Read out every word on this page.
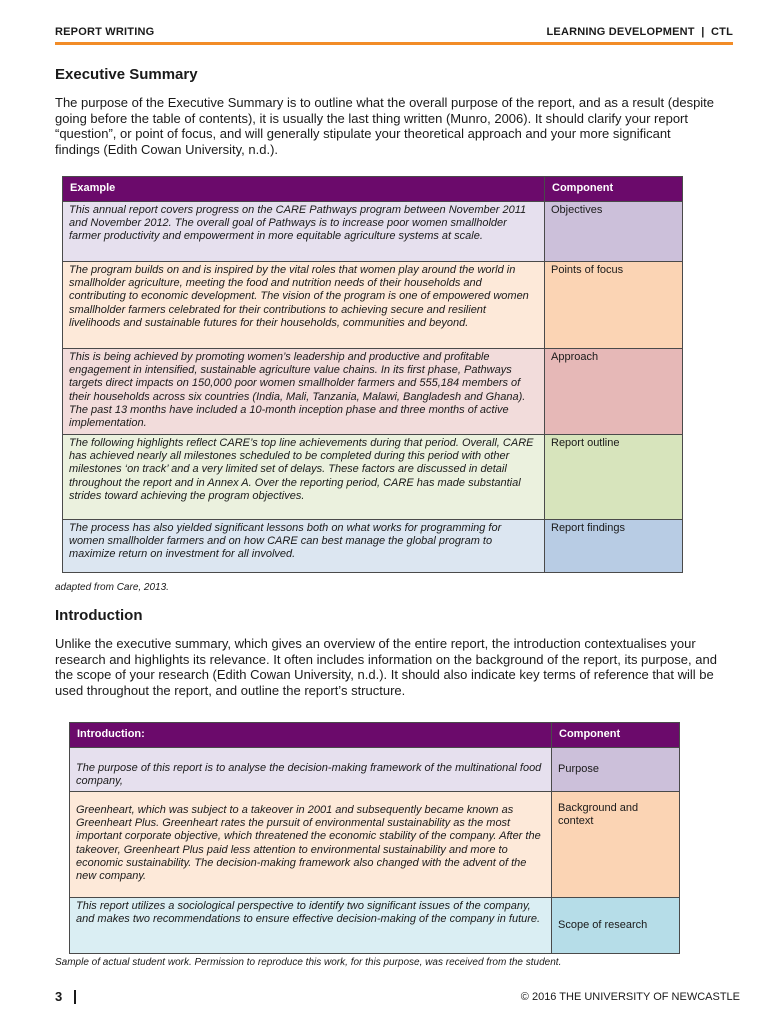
REPORT WRITING	LEARNING DEVELOPMENT  |  CTL
Executive Summary

The purpose of the Executive Summary is to outline what the overall purpose of the report, and as a result (despite going before the table of contents), it is usually the last thing written (Munro, 2006). It should clarify your report “question”, or point of focus, and will generally stipulate your theoretical approach and your more significant findings (Edith Cowan University, n.d.).

Example	Component
This annual report covers progress on the CARE Pathways program between November 2011 and November 2012. The overall goal of Pathways is to increase poor women smallholder farmer productivity and empowerment in more equitable agriculture systems at scale.	Objectives
The program builds on and is inspired by the vital roles that women play around the world in smallholder agriculture, meeting the food and nutrition needs of their households and contributing to economic development. The vision of the program is one of empowered women smallholder farmers celebrated for their contributions to achieving secure and resilient livelihoods and sustainable futures for their households, communities and beyond.	Points of focus
This is being achieved by promoting women’s leadership and productive and profitable engagement in intensified, sustainable agriculture value chains. In its first phase, Pathways targets direct impacts on 150,000 poor women smallholder farmers and 555,184 members of their households across six countries (India, Mali, Tanzania, Malawi, Bangladesh and Ghana). The past 13 months have included a 10-month inception phase and three months of active implementation.	Approach
The following highlights reflect CARE’s top line achievements during that period. Overall, CARE has achieved nearly all milestones scheduled to be completed during this period with other milestones ‘on track’ and a very limited set of delays. These factors are discussed in detail throughout the report and in Annex A. Over the reporting period, CARE has made substantial strides toward achieving the program objectives.	Report outline
The process has also yielded significant lessons both on what works for programming for women smallholder farmers and on how CARE can best manage the global program to maximize return on investment for all involved.	Report findings
adapted from Care, 2013.
Introduction

Unlike the executive summary, which gives an overview of the entire report, the introduction contextualises your research and highlights its relevance. It often includes information on the background of the report, its purpose, and the scope of your research (Edith Cowan University, n.d.). It should also indicate key terms of reference that will be used throughout the report, and outline the report’s structure.

Introduction:	Component
The purpose of this report is to analyse the decision-making framework of the multinational food company,	Purpose
Greenheart, which was subject to a takeover in 2001 and subsequently became known as Greenheart Plus. Greenheart rates the pursuit of environmental sustainability as the most important corporate objective, which threatened the economic stability of the company. After the takeover, Greenheart Plus paid less attention to environmental sustainability and more to economic sustainability. The decision-making framework also changed with the advent of the new company.	Background and context
This report utilizes a sociological perspective to identify two significant issues of the company, and makes two recommendations to ensure effective decision-making of the company in future.	Scope of research
Sample of actual student work. Permission to reproduce this work, for this purpose, was received from the student.
3	© 2016 THE UNIVERSITY OF NEWCASTLE
